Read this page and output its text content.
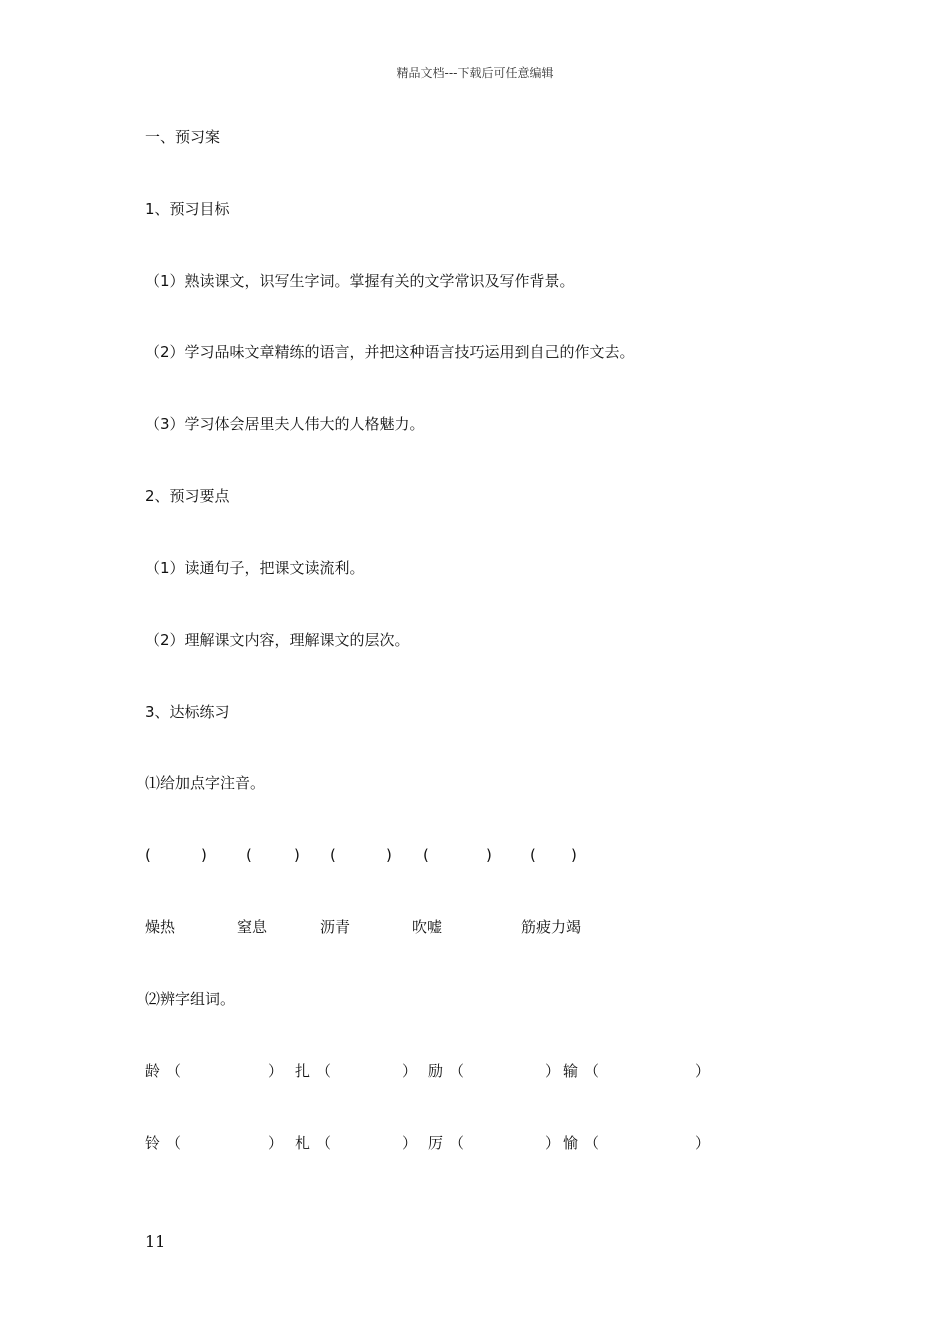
精品文档---下载后可任意编辑
一、预习案
1、预习目标
（1）熟读课文，识写生字词。掌握有关的文学常识及写作背景。
（2）学习品味文章精练的语言，并把这种语言技巧运用到自己的作文去。
（3）学习体会居里夫人伟大的人格魅力。
2、预习要点
（1）读通句子，把课文读流利。
（2）理解课文内容，理解课文的层次。
3、达标练习
⑴给加点字注音。
(	)	(	) (	) (	)	( )
燥热	窒息	沥青	吹嘘	筋疲力竭
⑵辨字组词。
龄 （	） 扎 （	） 励 （	） 输 （	）
铃 （	） 札 （	） 厉 （	） 愉 （	）
11
